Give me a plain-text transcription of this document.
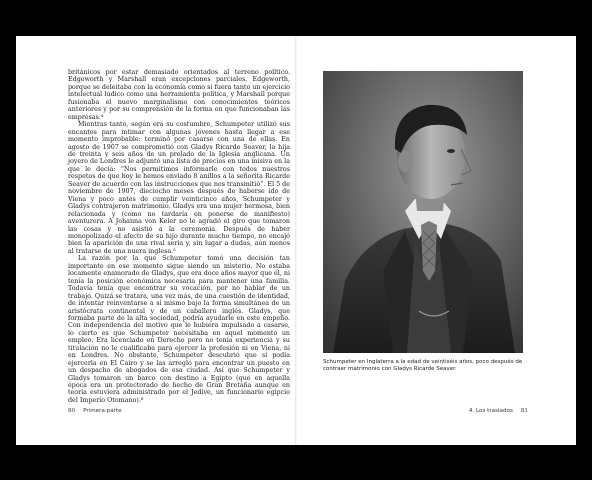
británicos por estar demasiado orientados al terreno político. Edgeworth y Marshall eran excepciones parciales. Edgeworth, porque se deleitaba con la economía como si fuera tanto un ejercicio intelectual lúdico como una herramienta política, y Marshall porque fusionaba el nuevo marginalismo con conocimientos teóricos anteriores y por su comprensión de la forma en que funcionaban las empresas.⁴

Mientras tanto, según era su costumbre, Schumpeter utilizó sus encantos para intimar con algunas jóvenes hasta llegar a ese momento improbable: terminó por casarse con una de ellas. En agosto de 1907 se comprometió con Gladys Ricarde Seaver, la hija de treinta y seis años de un prelado de la Iglesia anglicana. Un joyero de Londres le adjuntó una lista de precios en una misiva en la que le decía: “Nos permitimos informarle con todos nuestros respetos de que hoy le hemos enviado 8 anillos a la señorita Ricarde Seaver de acuerdo con las instrucciones que nos transmitió”. El 5 de noviembre de 1907, dieciocho meses después de haberse ido de Viena y poco antes de cumplir veinticinco años, Schumpeter y Gladys contrajeron matrimonio. Gladys era una mujer hermosa, bien relacionada y (como no tardaría en ponerse de manifiesto) aventurera. A Johanna von Keler no le agradó el giro que tomaron las cosas y no asistió a la ceremonia. Después de haber monopolizado el afecto de su hijo durante mucho tiempo, no encajó bien la aparición de una rival seria y, sin lugar a dudas, aún menos al tratarse de una nuera inglesa.⁵

La razón por la que Schumpeter tomó una decisión tan importante en ese momento sigue siendo un misterio. No estaba locamente enamorado de Gladys, que era doce años mayor que él, ni tenía la posición económica necesaria para mantener una familia. Todavía tenía que encontrar su vocación, por no hablar de un trabajo. Quizá se tratara, una vez más, de una cuestión de identidad, de intentar reinventarse a sí mismo bajo la forma simultánea de un aristócrata continental y de un caballero inglés. Gladys, que formaba parte de la alta sociedad, podría ayudarle en este empeño. Con independencia del motivo que le hubiera impulsado a casarse, lo cierto es que Schumpeter necesitaba en aquel momento un empleo. Era licenciado en Derecho pero no tenía experiencia y su titulación no le cualificaba para ejercer la profesión ni en Viena, ni en Londres. No obstante, Schumpeter descubrió que sí podía ejercerla en El Cairo y se las arregló para encontrar un puesto en un despacho de abogados de esa ciudad. Así que Schumpeter y Gladys tomaron un barco con destino a Egipto (que en aquella época era un protectorado de hecho de Gran Bretaña aunque en teoría estuviera administrado por el Jedive, un funcionario egipcio del Imperio Otomano).⁶

Schumpeter en Inglaterra a la edad de veintiséis años, poco después de contraer matrimonio con Gladys Ricarde Seaver.
80 Primera parte	4. Los traslados 81
